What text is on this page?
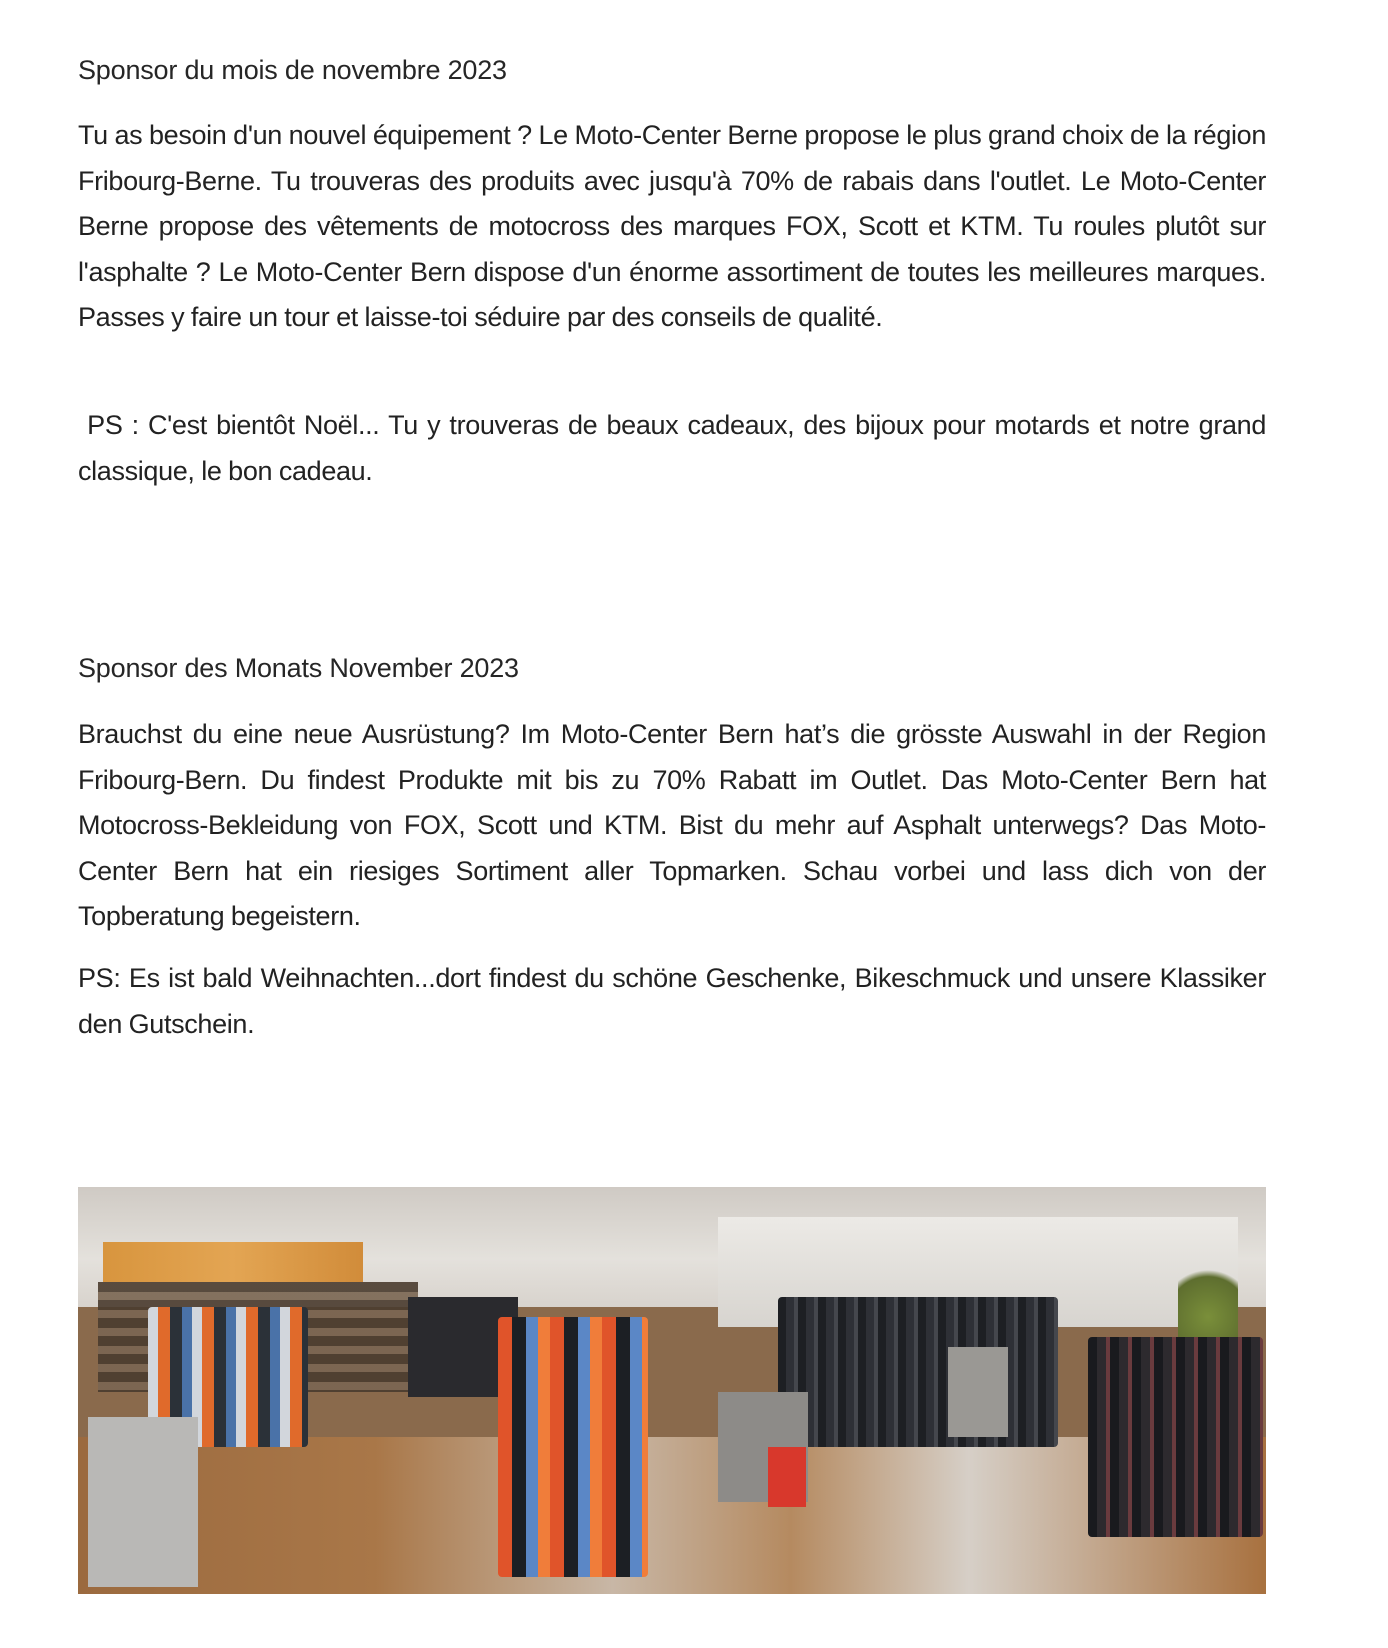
Sponsor du mois de novembre 2023
Tu as besoin d'un nouvel équipement ? Le Moto-Center Berne propose le plus grand choix de la région Fribourg-Berne. Tu trouveras des produits avec jusqu'à 70% de rabais dans l'outlet. Le Moto-Center Berne propose des vêtements de motocross des marques FOX, Scott et KTM. Tu roules plutôt sur l'asphalte ? Le Moto-Center Bern dispose d'un énorme assortiment de toutes les meilleures marques. Passes y faire un tour et laisse-toi séduire par des conseils de qualité.
PS : C'est bientôt Noël... Tu y trouveras de beaux cadeaux, des bijoux pour motards et notre grand classique, le bon cadeau.
Sponsor des Monats November 2023
Brauchst du eine neue Ausrüstung? Im Moto-Center Bern hat’s die grösste Auswahl in der Region Fribourg-Bern. Du findest Produkte mit bis zu 70% Rabatt im Outlet. Das Moto-Center Bern hat Motocross-Bekleidung von FOX, Scott und KTM. Bist du mehr auf Asphalt unterwegs? Das Moto-Center Bern hat ein riesiges Sortiment aller Topmarken. Schau vorbei und lass dich von der Topberatung begeistern.
PS: Es ist bald Weihnachten...dort findest du schöne Geschenke, Bikeschmuck und unsere Klassiker den Gutschein.
